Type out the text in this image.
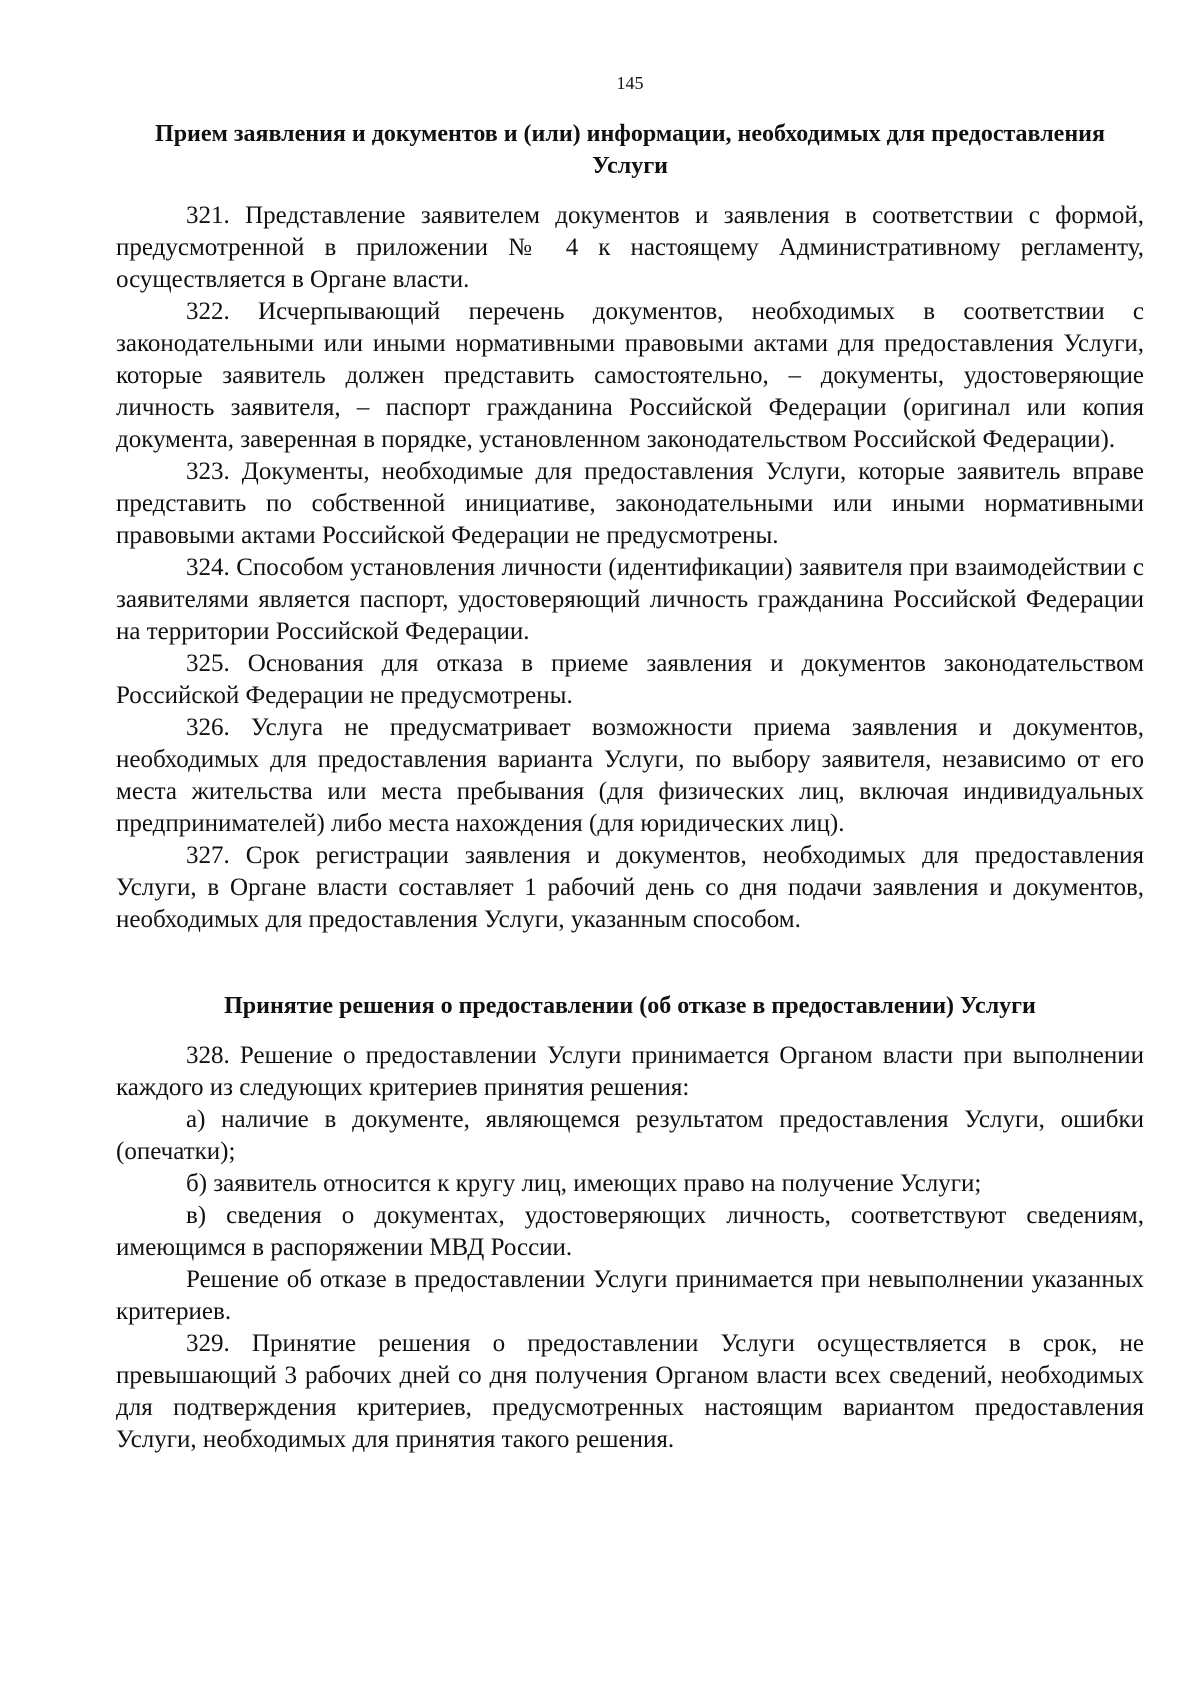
145
Прием заявления и документов и (или) информации, необходимых для предоставления Услуги

321. Представление заявителем документов и заявления в соответствии с формой, предусмотренной в приложении № 4 к настоящему Административному регламенту, осуществляется в Органе власти.

322. Исчерпывающий перечень документов, необходимых в соответствии с законодательными или иными нормативными правовыми актами для предоставления Услуги, которые заявитель должен представить самостоятельно, – документы, удостоверяющие личность заявителя, – паспорт гражданина Российской Федерации (оригинал или копия документа, заверенная в порядке, установленном законодательством Российской Федерации).

323. Документы, необходимые для предоставления Услуги, которые заявитель вправе представить по собственной инициативе, законодательными или иными нормативными правовыми актами Российской Федерации не предусмотрены.

324. Способом установления личности (идентификации) заявителя при взаимодействии с заявителями является паспорт, удостоверяющий личность гражданина Российской Федерации на территории Российской Федерации.

325. Основания для отказа в приеме заявления и документов законодательством Российской Федерации не предусмотрены.

326. Услуга не предусматривает возможности приема заявления и документов, необходимых для предоставления варианта Услуги, по выбору заявителя, независимо от его места жительства или места пребывания (для физических лиц, включая индивидуальных предпринимателей) либо места нахождения (для юридических лиц).

327. Срок регистрации заявления и документов, необходимых для предоставления Услуги, в Органе власти составляет 1 рабочий день со дня подачи заявления и документов, необходимых для предоставления Услуги, указанным способом.

Принятие решения о предоставлении (об отказе в предоставлении) Услуги

328. Решение о предоставлении Услуги принимается Органом власти при выполнении каждого из следующих критериев принятия решения:

а) наличие в документе, являющемся результатом предоставления Услуги, ошибки (опечатки);

б) заявитель относится к кругу лиц, имеющих право на получение Услуги;

в) сведения о документах, удостоверяющих личность, соответствуют сведениям, имеющимся в распоряжении МВД России.

Решение об отказе в предоставлении Услуги принимается при невыполнении указанных критериев.

329. Принятие решения о предоставлении Услуги осуществляется в срок, не превышающий 3 рабочих дней со дня получения Органом власти всех сведений, необходимых для подтверждения критериев, предусмотренных настоящим вариантом предоставления Услуги, необходимых для принятия такого решения.
